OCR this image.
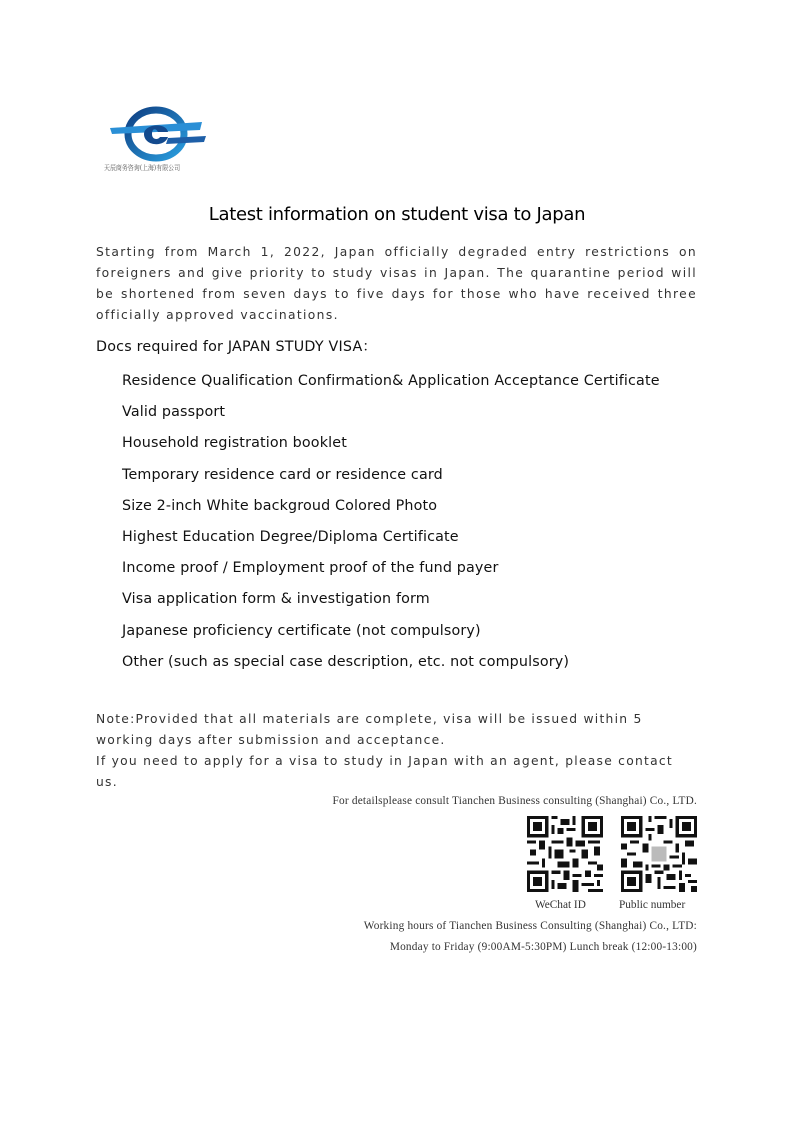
天辰商务咨询(上海)有限公司
Latest information on student visa to Japan

Starting from March 1, 2022, Japan officially degraded entry restrictions on foreigners and give priority to study visas in Japan. The quarantine period will be shortened from seven days to five days for those who have received three officially approved vaccinations.

Docs required for JAPAN STUDY VISA：
Residence Qualification Confirmation& Application Acceptance Certificate
Valid passport
Household registration booklet
Temporary residence card or residence card
Size 2-inch White backgroud Colored Photo
Highest Education Degree/Diploma Certificate
Income proof / Employment proof of the fund payer
Visa application form & investigation form
Japanese proficiency certificate (not compulsory)
Other (such as special case description, etc. not compulsory)

Note:Provided that all materials are complete, visa will be issued within 5 working days after submission and acceptance.

If you need to apply for a visa to study in Japan with an agent, please contact us.

For detailsplease consult Tianchen Business consulting (Shanghai) Co., LTD.
WeChat ID	Public number
Working hours of Tianchen Business Consulting (Shanghai) Co., LTD:
Monday to Friday (9:00AM-5:30PM) Lunch break (12:00-13:00)
